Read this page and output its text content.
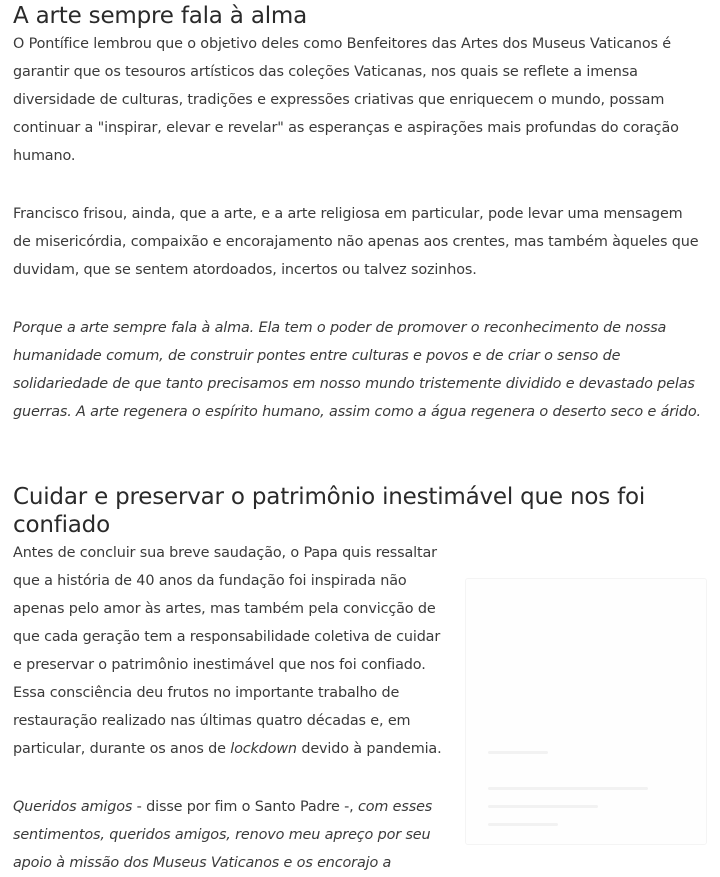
A arte sempre fala à alma

O Pontífice lembrou que o objetivo deles como Benfeitores das Artes dos Museus Vaticanos é garantir que os tesouros artísticos das coleções Vaticanas, nos quais se reflete a imensa diversidade de culturas, tradições e expressões criativas que enriquecem o mundo, possam continuar a "inspirar, elevar e revelar" as esperanças e aspirações mais profundas do coração humano.

Francisco frisou, ainda, que a arte, e a arte religiosa em particular, pode levar uma mensagem de misericórdia, compaixão e encorajamento não apenas aos crentes, mas também àqueles que duvidam, que se sentem atordoados, incertos ou talvez sozinhos.

Porque a arte sempre fala à alma. Ela tem o poder de promover o reconhecimento de nossa humanidade comum, de construir pontes entre culturas e povos e de criar o senso de solidariedade de que tanto precisamos em nosso mundo tristemente dividido e devastado pelas guerras. A arte regenera o espírito humano, assim como a água regenera o deserto seco e árido.

Cuidar e preservar o patrimônio inestimável que nos foi confiado

Antes de concluir sua breve saudação, o Papa quis ressaltar que a história de 40 anos da fundação foi inspirada não apenas pelo amor às artes, mas também pela convicção de que cada geração tem a responsabilidade coletiva de cuidar e preservar o patrimônio inestimável que nos foi confiado. Essa consciência deu frutos no importante trabalho de restauração realizado nas últimas quatro décadas e, em particular, durante os anos de lockdown devido à pandemia.

Queridos amigos - disse por fim o Santo Padre -, com esses sentimentos, queridos amigos, renovo meu apreço por seu apoio à missão dos Museus Vaticanos e os encorajo a
